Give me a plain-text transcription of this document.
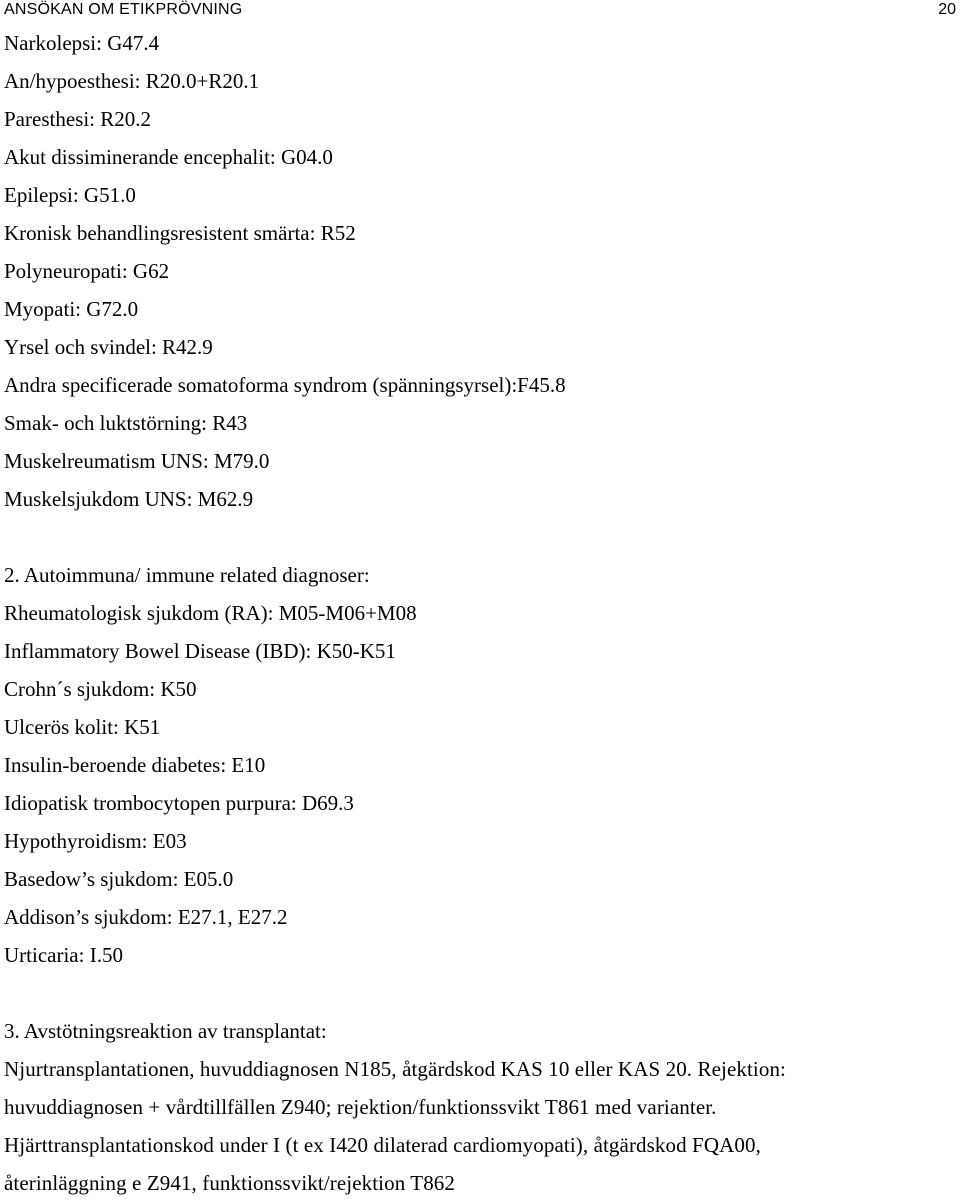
ANSÖKAN OM ETIKPRÖVNING	20
Narkolepsi: G47.4
An/hypoesthesi: R20.0+R20.1
Paresthesi: R20.2
Akut dissiminerande encephalit: G04.0
Epilepsi: G51.0
Kronisk behandlingsresistent smärta: R52
Polyneuropati: G62
Myopati: G72.0
Yrsel och svindel: R42.9
Andra specificerade somatoforma syndrom (spänningsyrsel):F45.8
Smak- och luktstörning: R43
Muskelreumatism UNS: M79.0
Muskelsjukdom UNS: M62.9
2. Autoimmuna/ immune related diagnoser:
Rheumatologisk sjukdom (RA): M05-M06+M08
Inflammatory Bowel Disease (IBD): K50-K51
Crohn´s sjukdom: K50
Ulcerös kolit: K51
Insulin-beroende diabetes: E10
Idiopatisk trombocytopen purpura: D69.3
Hypothyroidism: E03
Basedow’s sjukdom: E05.0
Addison’s sjukdom: E27.1, E27.2
Urticaria: I.50
3. Avstötningsreaktion av transplantat:
Njurtransplantationen, huvuddiagnosen N185, åtgärdskod KAS 10 eller KAS 20. Rejektion:
huvuddiagnosen + vårdtillfällen Z940; rejektion/funktionssvikt T861 med varianter.
Hjärttransplantationskod under I (t ex I420 dilaterad cardiomyopati), åtgärdskod FQA00,
återinläggning e Z941, funktionssvikt/rejektion T862
